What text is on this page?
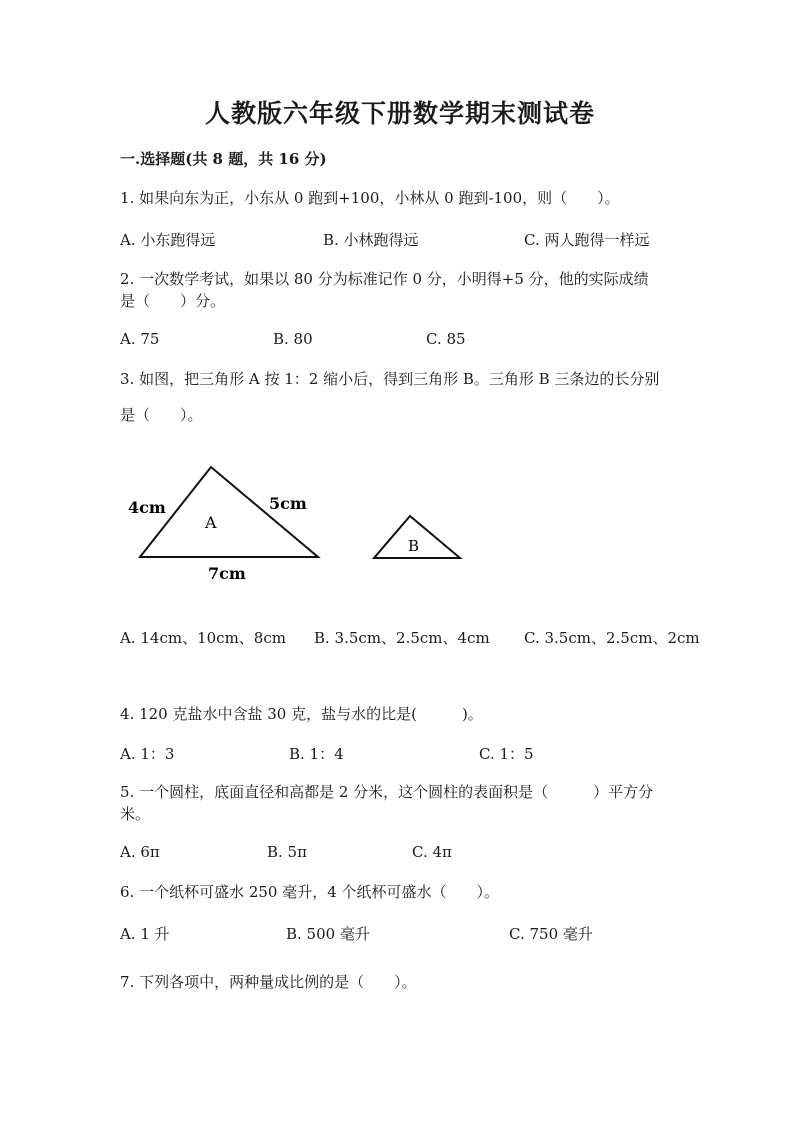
人教版六年级下册数学期末测试卷
一.选择题(共 8 题，共 16 分)
1. 如果向东为正，小东从 0 跑到+100，小林从 0 跑到-100，则（　　）。
A. 小东跑得远	B. 小林跑得远	C. 两人跑得一样远
2. 一次数学考试，如果以 80 分为标准记作 0 分，小明得+5 分，他的实际成绩
是（　　）分。
A. 75	B. 80	C. 85
3. 如图，把三角形 A 按 1：2 缩小后，得到三角形 B。三角形 B 三条边的长分别
是（　　）。
A
B
4cm	5cm
7cm
A. 14cm、10cm、8cm B. 3.5cm、2.5cm、4cm C. 3.5cm、2.5cm、2cm
4. 120 克盐水中含盐 30 克，盐与水的比是(　　　)。
A. 1：3	B. 1：4	C. 1：5
5. 一个圆柱，底面直径和高都是 2 分米，这个圆柱的表面积是（　　　）平方分
米。
A. 6π	B. 5π	C. 4π
6. 一个纸杯可盛水 250 毫升，4 个纸杯可盛水（　　）。
A. 1 升	B. 500 毫升	C. 750 毫升
7. 下列各项中，两种量成比例的是（　　）。
